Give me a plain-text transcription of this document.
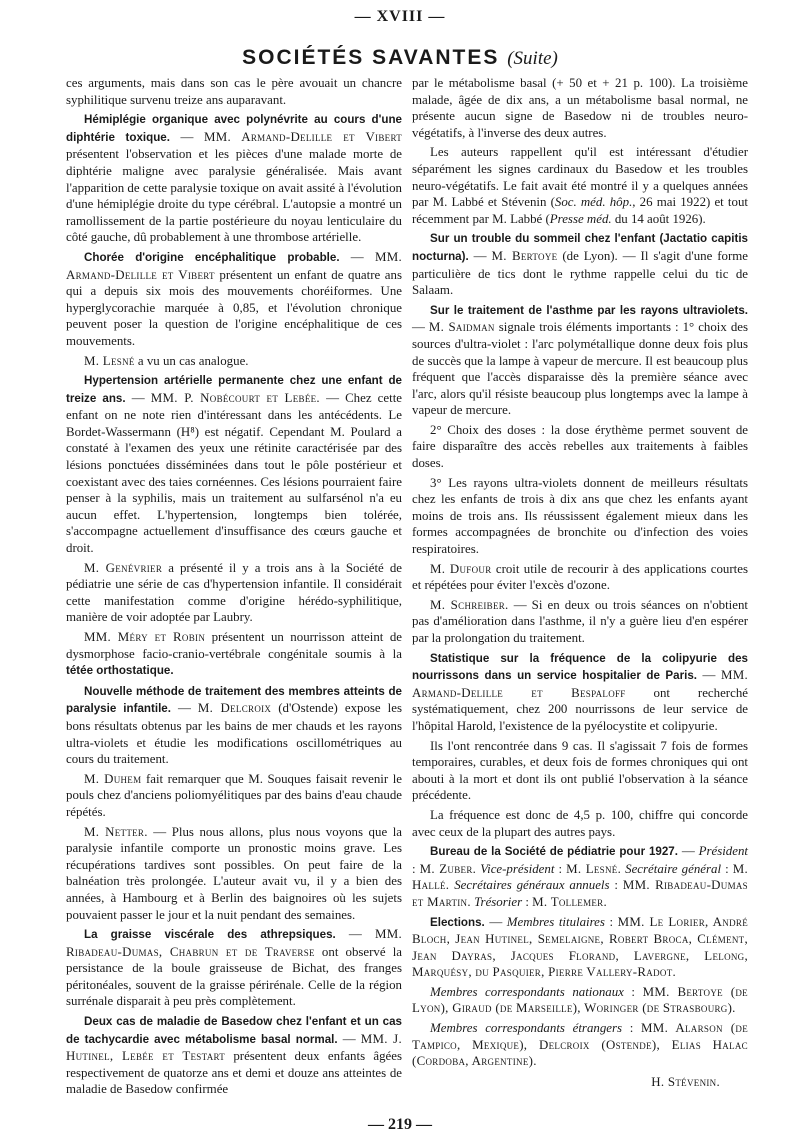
— XVIII —
SOCIÉTÉS SAVANTES (Suite)

ces arguments, mais dans son cas le père avouait un chancre syphilitique survenu treize ans auparavant.

Hémiplégie organique avec polynévrite au cours d'une diphtérie toxique. — MM. Armand-Delille et Vibert présentent l'observation et les pièces d'une malade morte de diphtérie maligne avec paralysie généralisée. Mais avant l'apparition de cette paralysie toxique on avait assité à l'évolution d'une hémiplégie droite du type cérébral. L'autopsie a montré un ramollissement de la partie postérieure du noyau lenticulaire du côté gauche, dû probablement à une thrombose artérielle.

Chorée d'origine encéphalitique probable. — MM. Armand-Delille et Vibert présentent un enfant de quatre ans qui a depuis six mois des mouvements choréiformes. Une hyperglycorachie marquée à 0,85, et l'évolution chronique peuvent poser la question de l'origine encéphalitique de ces mouvements.

M. Lesné a vu un cas analogue.

Hypertension artérielle permanente chez une enfant de treize ans. — MM. P. Nobécourt et Lebée. — Chez cette enfant on ne note rien d'intéressant dans les antécédents. Le Bordet-Wassermann (H⁸) est négatif. Cependant M. Poulard a constaté à l'examen des yeux une rétinite caractérisée par des lésions ponctuées disséminées dans tout le pôle postérieur et coexistant avec des taies cornéennes. Ces lésions pourraient faire penser à la syphilis, mais un traitement au sulfarsénol n'a eu aucun effet. L'hypertension, longtemps bien tolérée, s'accompagne actuellement d'insuffisance des cœurs gauche et droit.

M. Genévrier a présenté il y a trois ans à la Société de pédiatrie une série de cas d'hypertension infantile. Il considérait cette manifestation comme d'origine hérédo-syphilitique, manière de voir adoptée par Laubry.

MM. Méry et Robin présentent un nourrisson atteint de dysmorphose facio-cranio-vertébrale congénitale soumis à la tétée orthostatique.

Nouvelle méthode de traitement des membres atteints de paralysie infantile. — M. Delcroix (d'Ostende) expose les bons résultats obtenus par les bains de mer chauds et les rayons ultra-violets et étudie les modifications oscillométriques au cours du traitement.

M. Duhem fait remarquer que M. Souques faisait revenir le pouls chez d'anciens poliomyélitiques par des bains d'eau chaude répétés.

M. Netter. — Plus nous allons, plus nous voyons que la paralysie infantile comporte un pronostic moins grave. Les récupérations tardives sont possibles. On peut faire de la balnéation très prolongée. L'auteur avait vu, il y a bien des années, à Hambourg et à Berlin des baignoires où les sujets pouvaient passer le jour et la nuit pendant des semaines.

La graisse viscérale des athrepsiques. — MM. Ribadeau-Dumas, Chabrun et de Traverse ont observé la persistance de la boule graisseuse de Bichat, des franges péritonéales, souvent de la graisse périrénale. Celle de la région surrénale disparait à peu près complètement.

Deux cas de maladie de Basedow chez l'enfant et un cas de tachycardie avec métabolisme basal normal. — MM. J. Hutinel, Lebée et Testart présentent deux enfants âgées respectivement de quatorze ans et demi et douze ans atteintes de maladie de Basedow confirmée

par le métabolisme basal (+ 50 et + 21 p. 100). La troisième malade, âgée de dix ans, a un métabolisme basal normal, ne présente aucun signe de Basedow ni de troubles neuro-végétatifs, à l'inverse des deux autres.

Les auteurs rappellent qu'il est intéressant d'étudier séparément les signes cardinaux du Basedow et les troubles neuro-végétatifs. Le fait avait été montré il y a quelques années par M. Labbé et Stévenin (Soc. méd. hôp., 26 mai 1922) et tout récemment par M. Labbé (Presse méd. du 14 août 1926).

Sur un trouble du sommeil chez l'enfant (Jactatio capitis nocturna). — M. Bertoye (de Lyon). — Il s'agit d'une forme particulière de tics dont le rythme rappelle celui du tic de Salaam.

Sur le traitement de l'asthme par les rayons ultraviolets. — M. Saidman signale trois éléments importants : 1° choix des sources d'ultra-violet : l'arc polymétallique donne deux fois plus de succès que la lampe à vapeur de mercure. Il est beaucoup plus fréquent que l'accès disparaisse dès la première séance avec l'arc, alors qu'il résiste beaucoup plus longtemps avec la lampe à vapeur de mercure.

2° Choix des doses : la dose érythème permet souvent de faire disparaître des accès rebelles aux traitements à faibles doses.

3° Les rayons ultra-violets donnent de meilleurs résultats chez les enfants de trois à dix ans que chez les enfants ayant moins de trois ans. Ils réussissent également mieux dans les formes accompagnées de bronchite ou d'infection des voies respiratoires.

M. Dufour croit utile de recourir à des applications courtes et répétées pour éviter l'excès d'ozone.

M. Schreiber. — Si en deux ou trois séances on n'obtient pas d'amélioration dans l'asthme, il n'y a guère lieu d'en espérer par la prolongation du traitement.

Statistique sur la fréquence de la colipyurie des nourrissons dans un service hospitalier de Paris. — MM. Armand-Delille et Bespaloff ont recherché systématiquement, chez 200 nourrissons de leur service de l'hôpital Harold, l'existence de la pyélocystite et colipyurie.

Ils l'ont rencontrée dans 9 cas. Il s'agissait 7 fois de formes temporaires, curables, et deux fois de formes chroniques qui ont abouti à la mort et dont ils ont publié l'observation à la séance précédente.

La fréquence est donc de 4,5 p. 100, chiffre qui concorde avec ceux de la plupart des autres pays.

Bureau de la Société de pédiatrie pour 1927. — Président : M. Zuber. Vice-président : M. Lesné. Secrétaire général : M. Hallé. Secrétaires généraux annuels : MM. Ribadeau-Dumas et Martin. Trésorier : M. Tollemer.

Elections. — Membres titulaires : MM. Le Lorier, André Bloch, Jean Hutinel, Semelaigne, Robert Broca, Clément, Jean Dayras, Jacques Florand, Lavergne, Lelong, Marquésy, du Pasquier, Pierre Vallery-Radot.

Membres correspondants nationaux : MM. Bertoye (de Lyon), Giraud (de Marseille), Woringer (de Strasbourg).

Membres correspondants étrangers : MM. Alarson (de Tampico, Mexique), Delcroix (Ostende), Elias Halac (Cordoba, Argentine).

H. Stévenin.
— 219 —
